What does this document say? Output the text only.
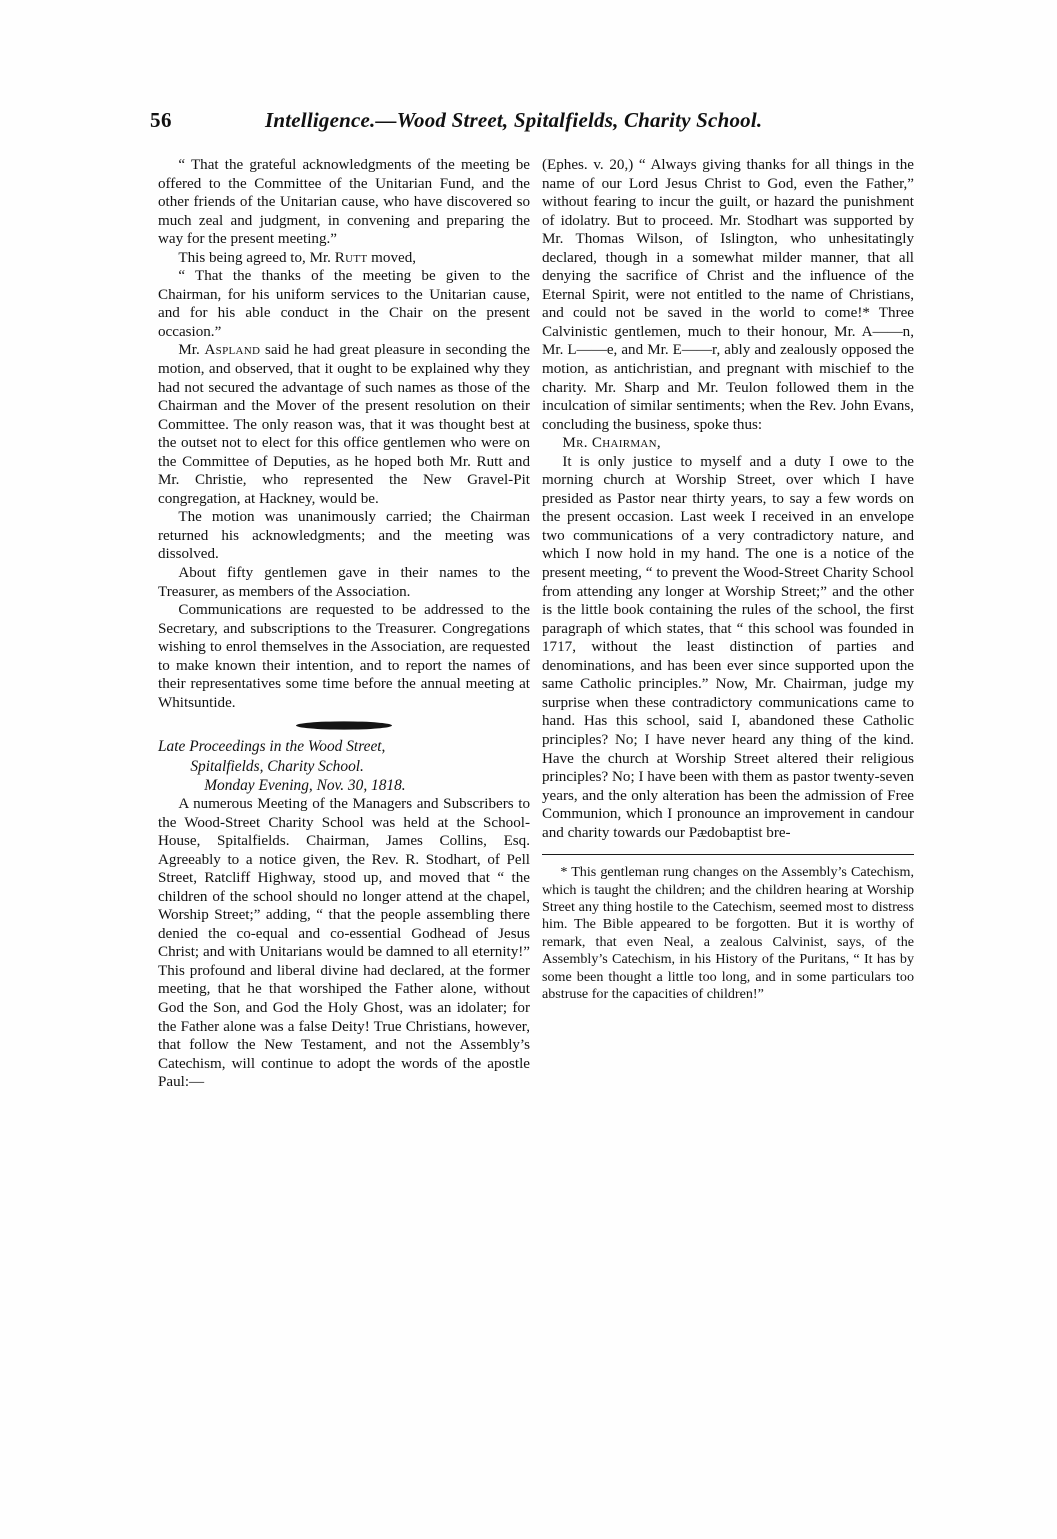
56	Intelligence.—Wood Street, Spitalfields, Charity School.

“ That the grateful acknowledgments of the meeting be offered to the Committee of the Unitarian Fund, and the other friends of the Unitarian cause, who have discovered so much zeal and judgment, in convening and preparing the way for the present meeting.”

This being agreed to, Mr. Rutt moved,

“ That the thanks of the meeting be given to the Chairman, for his uniform services to the Unitarian cause, and for his able conduct in the Chair on the present occasion.”

Mr. Aspland said he had great pleasure in seconding the motion, and observed, that it ought to be explained why they had not secured the advantage of such names as those of the Chairman and the Mover of the present resolution on their Committee. The only reason was, that it was thought best at the outset not to elect for this office gentlemen who were on the Committee of Deputies, as he hoped both Mr. Rutt and Mr. Christie, who represented the New Gravel-Pit congregation, at Hackney, would be.

The motion was unanimously carried; the Chairman returned his acknowledgments; and the meeting was dissolved.

About fifty gentlemen gave in their names to the Treasurer, as members of the Association.

Communications are requested to be addressed to the Secretary, and subscriptions to the Treasurer. Congregations wishing to enrol themselves in the Association, are requested to make known their intention, and to report the names of their representatives some time before the annual meeting at Whitsuntide.

Late Proceedings in the Wood Street,
Spitalfields, Charity School.
Monday Evening, Nov. 30, 1818.

A numerous Meeting of the Managers and Subscribers to the Wood-Street Charity School was held at the School-House, Spitalfields. Chairman, James Collins, Esq. Agreeably to a notice given, the Rev. R. Stodhart, of Pell Street, Ratcliff Highway, stood up, and moved that “ the children of the school should no longer attend at the chapel, Worship Street;” adding, “ that the people assembling there denied the co-equal and co-essential Godhead of Jesus Christ; and with Unitarians would be damned to all eternity!” This profound and liberal divine had declared, at the former meeting, that he that worshiped the Father alone, without God the Son, and God the Holy Ghost, was an idolater; for the Father alone was a false Deity! True Christians, however, that follow the New Testament, and not the Assembly’s Catechism, will continue to adopt the words of the apostle Paul:—

(Ephes. v. 20,) “ Always giving thanks for all things in the name of our Lord Jesus Christ to God, even the Father,” without fearing to incur the guilt, or hazard the punishment of idolatry. But to proceed. Mr. Stodhart was supported by Mr. Thomas Wilson, of Islington, who unhesitatingly declared, though in a somewhat milder manner, that all denying the sacrifice of Christ and the influence of the Eternal Spirit, were not entitled to the name of Christians, and could not be saved in the world to come!* Three Calvinistic gentlemen, much to their honour, Mr. A——n, Mr. L——e, and Mr. E——r, ably and zealously opposed the motion, as antichristian, and pregnant with mischief to the charity. Mr. Sharp and Mr. Teulon followed them in the inculcation of similar sentiments; when the Rev. John Evans, concluding the business, spoke thus:

Mr. Chairman,

It is only justice to myself and a duty I owe to the morning church at Worship Street, over which I have presided as Pastor near thirty years, to say a few words on the present occasion. Last week I received in an envelope two communications of a very contradictory nature, and which I now hold in my hand. The one is a notice of the present meeting, “ to prevent the Wood-Street Charity School from attending any longer at Worship Street;” and the other is the little book containing the rules of the school, the first paragraph of which states, that “ this school was founded in 1717, without the least distinction of parties and denominations, and has been ever since supported upon the same Catholic principles.” Now, Mr. Chairman, judge my surprise when these contradictory communications came to hand. Has this school, said I, abandoned these Catholic principles? No; I have never heard any thing of the kind. Have the church at Worship Street altered their religious principles? No; I have been with them as pastor twenty-seven years, and the only alteration has been the admission of Free Communion, which I pronounce an improvement in candour and charity towards our Pædobaptist bre-

* This gentleman rung changes on the Assembly’s Catechism, which is taught the children; and the children hearing at Worship Street any thing hostile to the Catechism, seemed most to distress him. The Bible appeared to be forgotten. But it is worthy of remark, that even Neal, a zealous Calvinist, says, of the Assembly’s Catechism, in his History of the Puritans, “ It has by some been thought a little too long, and in some particulars too abstruse for the capacities of children!”
